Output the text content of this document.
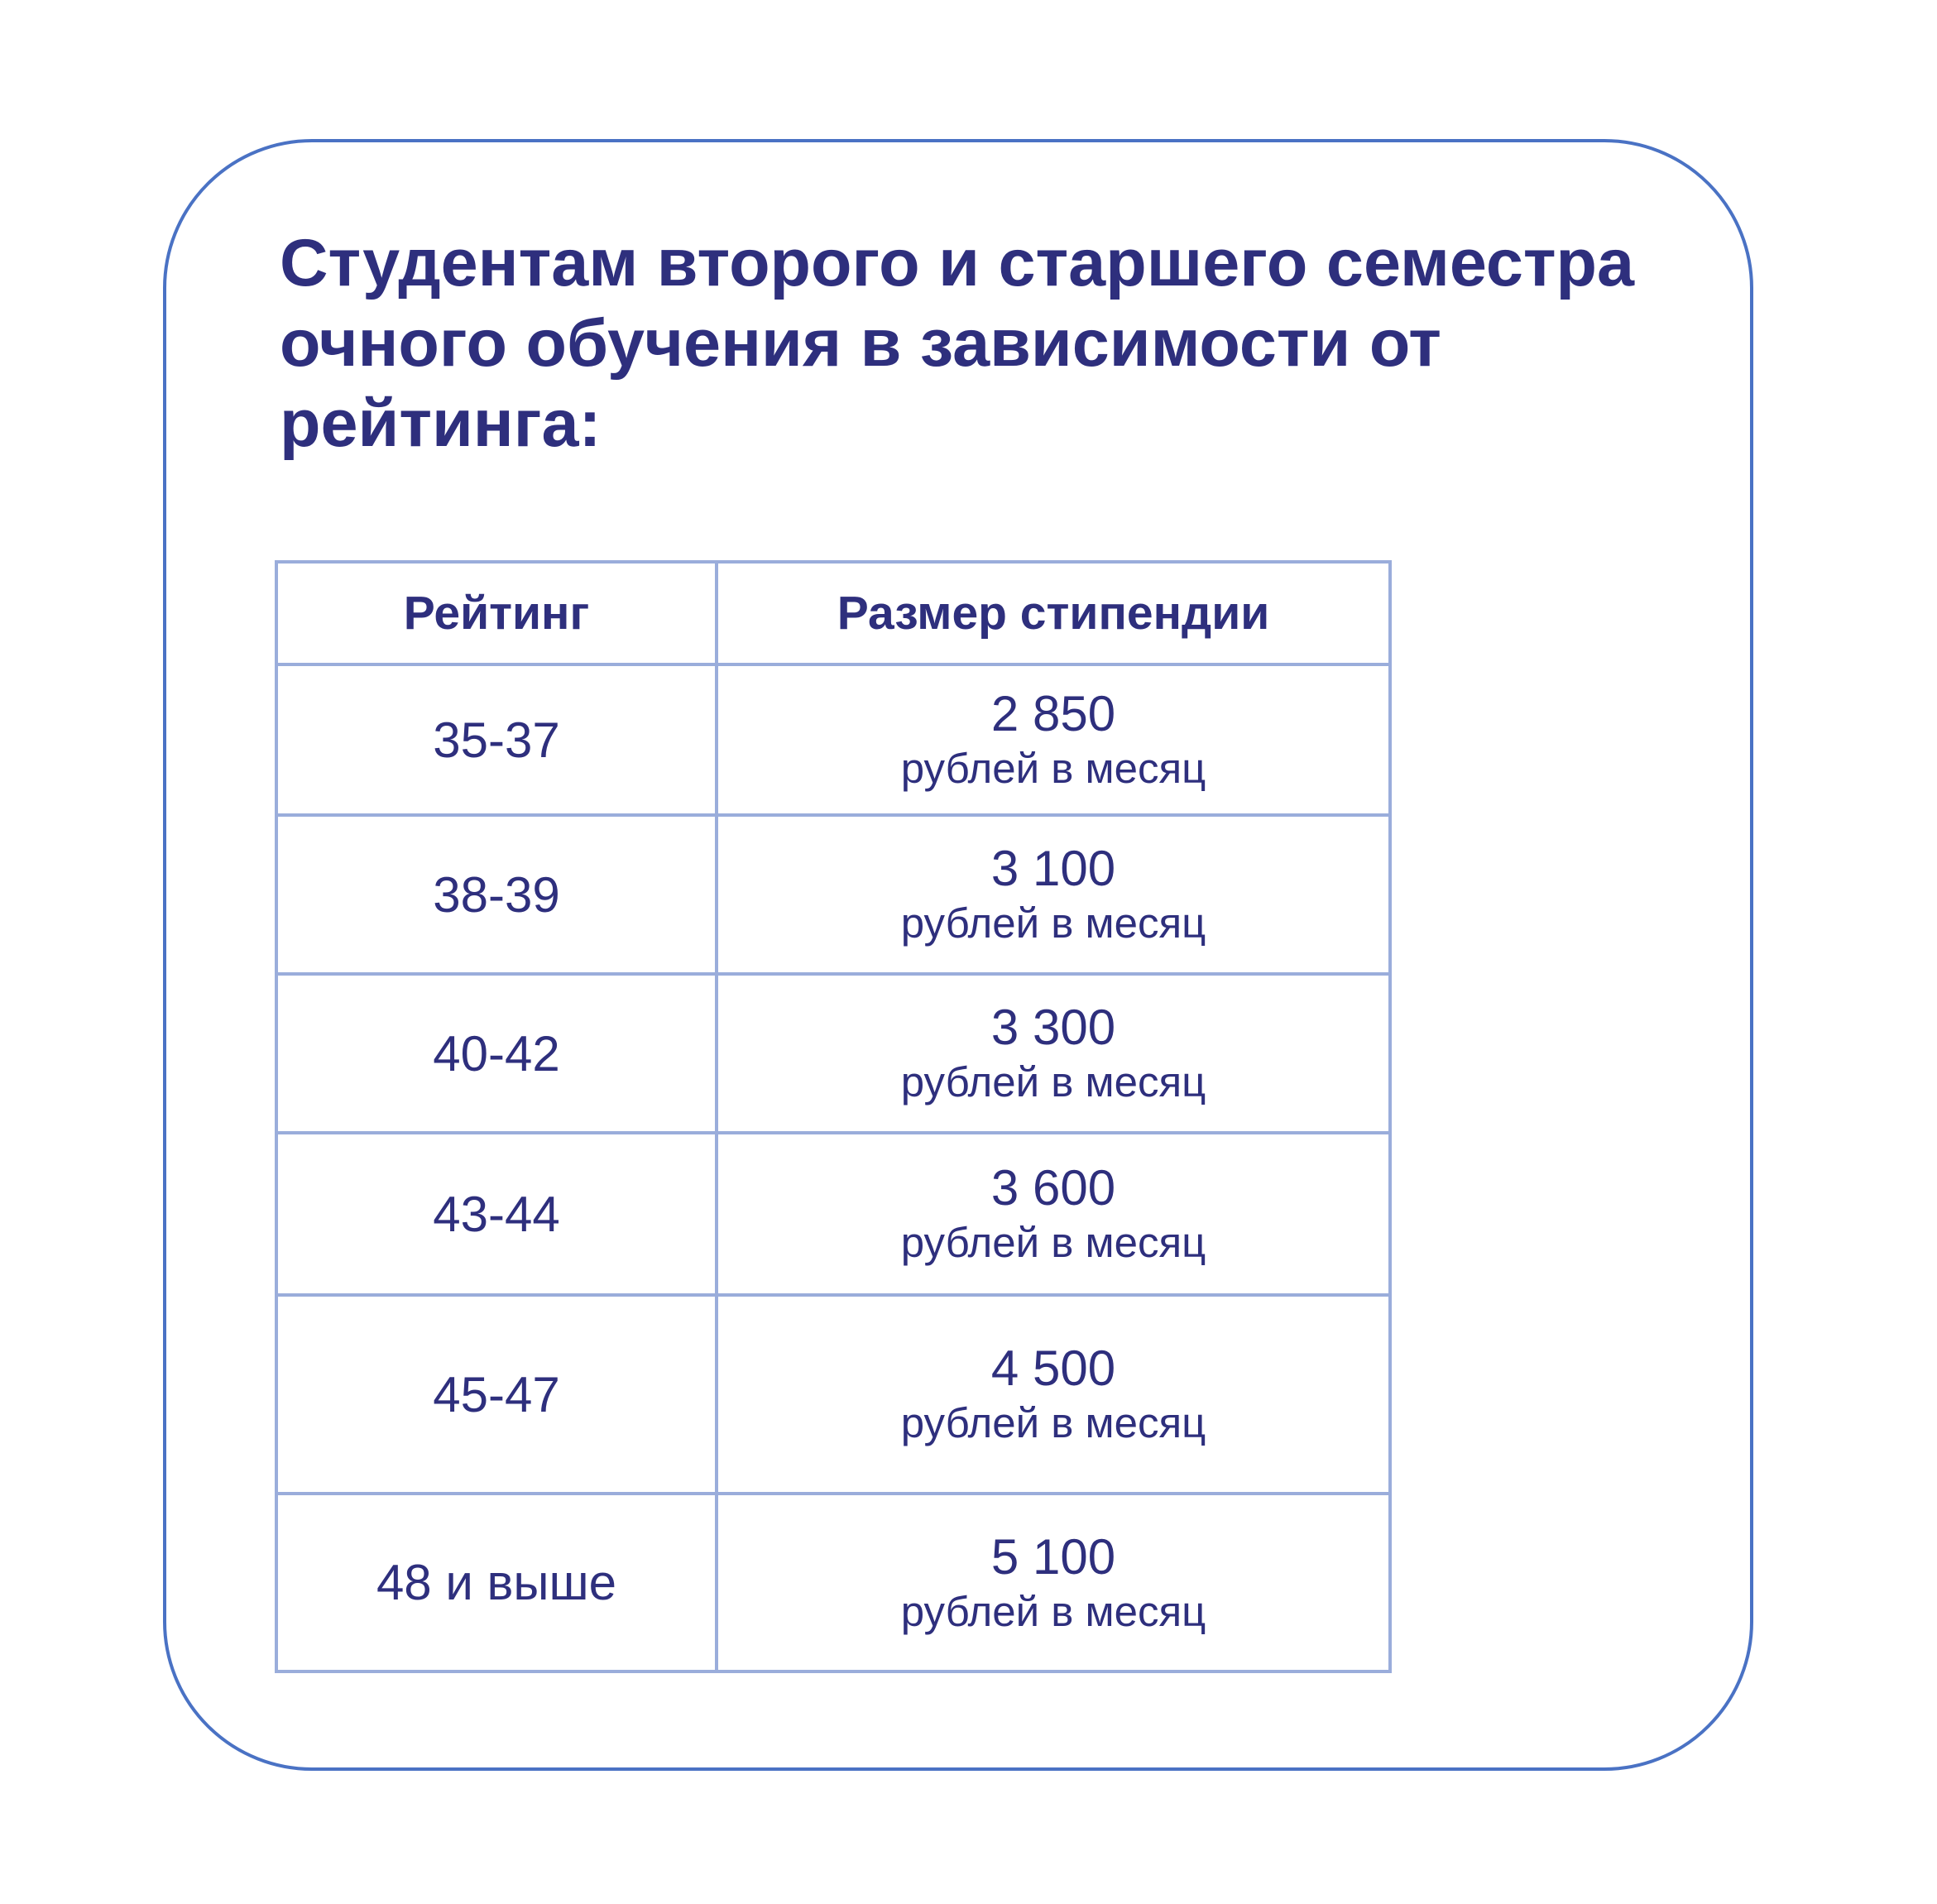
Студентам второго и старшего семестра очного обучения в зависимости от рейтинга:
Рейтинг	Размер стипендии
35-37	2 850
рублей в месяц

38-39	3 100
рублей в месяц

40-42	3 300
рублей в месяц

43-44	3 600
рублей в месяц

45-47	4 500
рублей в месяц

48 и выше	5 100
рублей в месяц
